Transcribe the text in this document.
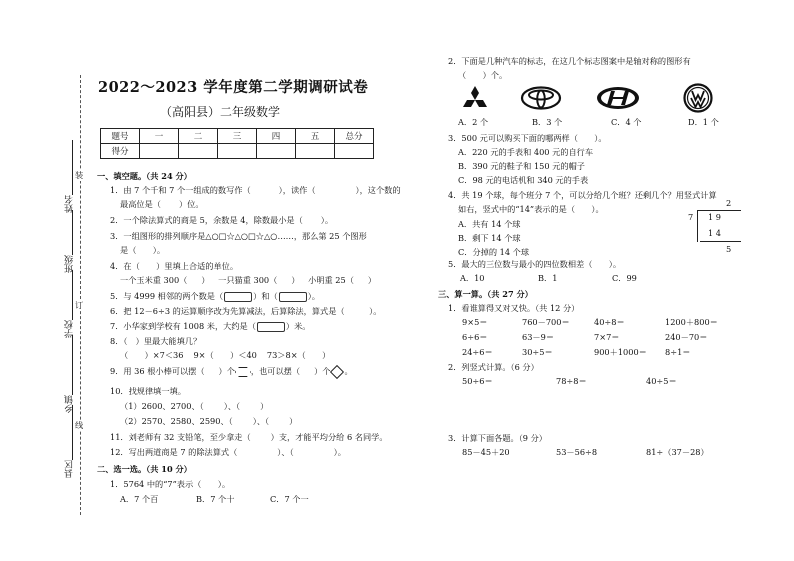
姓名
班级
学校
乡镇
县区
装
订
线
2022～2023 学年度第二学期调研试卷
（高阳县）二年级数学
题号	一	二	三	四	五	总分
得分						
一、填空题。（共 24 分）
1．由 7 个千和 7 个一组成的数写作（	），读作（	），这个数的
最高位是（ ）位。
2．一个除法算式的商是 5，余数是 4，除数最小是（ ）。
3．一组图形的排列顺序是△○□☆△○□☆△○……，那么第 25 个图形
是（　　）。
4．在（　　）里填上合适的单位。
一个玉米重 300（ ） 一只猫重 300（ ） 小明重 25（ ）
5．与 4999 相邻的两个数是（	）和（	）。
6．把 12－6÷3 的运算顺序改为先算减法，后算除法，算式是（　　　）。
7．小华家到学校有 1008 米，大约是（	）米。
8．（　）里最大能填几？
（　　）×7＜36 9×（　　）＜40 73＞8×（　　）
9．用 36 根小棒可以摆（ ）个 ，也可以摆（ ）个 。
10．找规律填一填。
（1）2600、2700、（ ）、（ ）
（2）2570、2580、2590、（ ）、（ ）
11．刘老师有 32 支铅笔，至少拿走（ ）支，才能平均分给 6 名同学。
12．写出两道商是 7 的除法算式（	）、（	）。
二、选一选。（共 10 分）
1．5764 中的“7”表示（　　）。
A．7 个百	B．7 个十	C．7 个一
2．下面是几种汽车的标志，在这几个标志图案中是轴对称的图形有
（　　）个。
A．2 个	B．3 个	C．4 个	D．1 个
3．500 元可以购买下面的哪两样（　　）。
A．220 元的手表和 400 元的自行车
B．390 元的鞋子和 150 元的帽子
C．98 元的电话机和 340 元的手表
4．共 19 个球，每个班分 7 个，可以分给几个班？还剩几个？用竖式计算
如右，竖式中的“14”表示的是（　　）。
A．共有 14 个球
B．剩下 14 个球
C．分掉的 14 个球
2
7 1 9
1 4
5
5．最大的三位数与最小的四位数相差（　　）。
A．10	B．1	C．99
三、算一算。（共 27 分）
1．看谁算得又对又快。（共 12 分）
9×5＝	760－700＝	40÷8＝	1200＋800＝
6÷6＝	63－9＝	7×7＝	240－70＝
24÷6＝	30÷5＝	900＋1000＝ 8÷1＝
2．列竖式计算。（6 分）
50÷6＝	78÷8＝	40÷5＝
3．计算下面各题。（9 分）
85－45＋20	53－56÷8	81÷（37－28）
